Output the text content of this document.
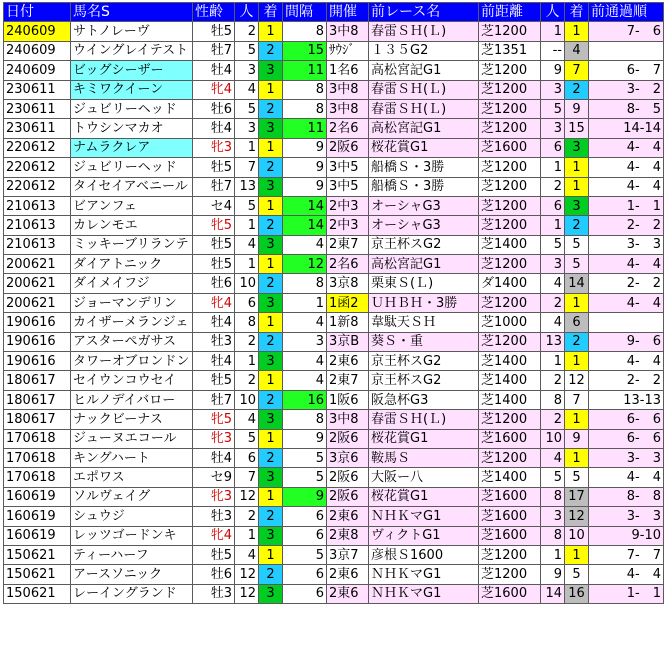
日付	馬名S	性齢	人	着	間隔	開催	前レース名	前距離	人	着	前通過順
240609	サトノレーヴ	牡5	2	1	8	3中8	春雷ＳＨ(Ｌ)	芝1200	1	1	7-　6
240609	ウイングレイテスト	牡7	5	2	15	ｻｳｼﾞ	１３５G2	芝1351	--	4	
240609	ビッグシーザー	牡4	3	3	11	1名6	高松宮記G1	芝1200	9	7	6-　7
230611	キミワクイーン	牝4	4	1	8	3中8	春雷ＳＨ(Ｌ)	芝1200	3	2	3-　2
230611	ジュビリーヘッド	牡6	5	2	8	3中8	春雷ＳＨ(Ｌ)	芝1200	5	9	8-　5
230611	トウシンマカオ	牡4	3	3	11	2名6	高松宮記G1	芝1200	3	15	14-14
220612	ナムラクレア	牝3	1	1	9	2阪6	桜花賞G1	芝1600	6	3	4-　4
220612	ジュビリーヘッド	牡5	7	2	9	3中5	船橋Ｓ・3勝	芝1200	1	1	4-　4
220612	タイセイアベニール	牡7	13	3	9	3中5	船橋Ｓ・3勝	芝1200	2	1	4-　4
210613	ビアンフェ	セ4	5	1	14	2中3	オーシャG3	芝1200	6	3	1-　1
210613	カレンモエ	牝5	1	2	14	2中3	オーシャG3	芝1200	1	2	2-　2
210613	ミッキーブリランテ	牡5	4	3	4	2東7	京王杯スG2	芝1400	5	5	3-　3
200621	ダイアトニック	牡5	1	1	12	2名6	高松宮記G1	芝1200	3	5	4-　4
200621	ダイメイフジ	牡6	10	2	8	3京8	栗東Ｓ(Ｌ)	ダ1400	4	14	2-　2
200621	ジョーマンデリン	牝4	6	3	1	1函2	ＵＨＢＨ・3勝	芝1200	2	1	4-　4
190616	カイザーメランジェ	牡4	8	1	4	1新8	韋駄天ＳＨ	芝1000	4	6	
190616	アスターペガサス	牡3	2	2	3	3京B	葵Ｓ・重	芝1200	13	2	9-　6
190616	タワーオブロンドン	牡4	1	3	4	2東6	京王杯スG2	芝1400	1	1	4-　4
180617	セイウンコウセイ	牡5	2	1	4	2東7	京王杯スG2	芝1400	2	12	2-　2
180617	ヒルノデイバロー	牡7	10	2	16	1阪6	阪急杯G3	芝1400	8	7	13-13
180617	ナックビーナス	牝5	4	3	8	3中8	春雷ＳＨ(Ｌ)	芝1200	2	1	6-　6
170618	ジューヌエコール	牝3	5	1	9	2阪6	桜花賞G1	芝1600	10	9	6-　6
170618	キングハート	牡4	6	2	5	3京6	鞍馬Ｓ	芝1200	4	1	3-　3
170618	エポワス	セ9	7	3	5	2阪6	大阪ー八	芝1400	5	5	4-　4
160619	ソルヴェイグ	牝3	12	1	9	2阪6	桜花賞G1	芝1600	8	17	8-　8
160619	シュウジ	牡3	2	2	6	2東6	ＮＨＫマG1	芝1600	3	12	3-　3
160619	レッツゴードンキ	牝4	1	3	6	2東8	ヴィクトG1	芝1600	8	10	9-10
150621	ティーハーフ	牡5	4	1	5	3京7	彦根Ｓ1600	芝1200	1	1	7-　7
150621	アースソニック	牡6	12	2	6	2東6	ＮＨＫマG1	芝1200	9	5	4-　4
150621	レーイングランド	牡3	12	3	6	2東6	ＮＨＫマG1	芝1600	14	16	1-　1
